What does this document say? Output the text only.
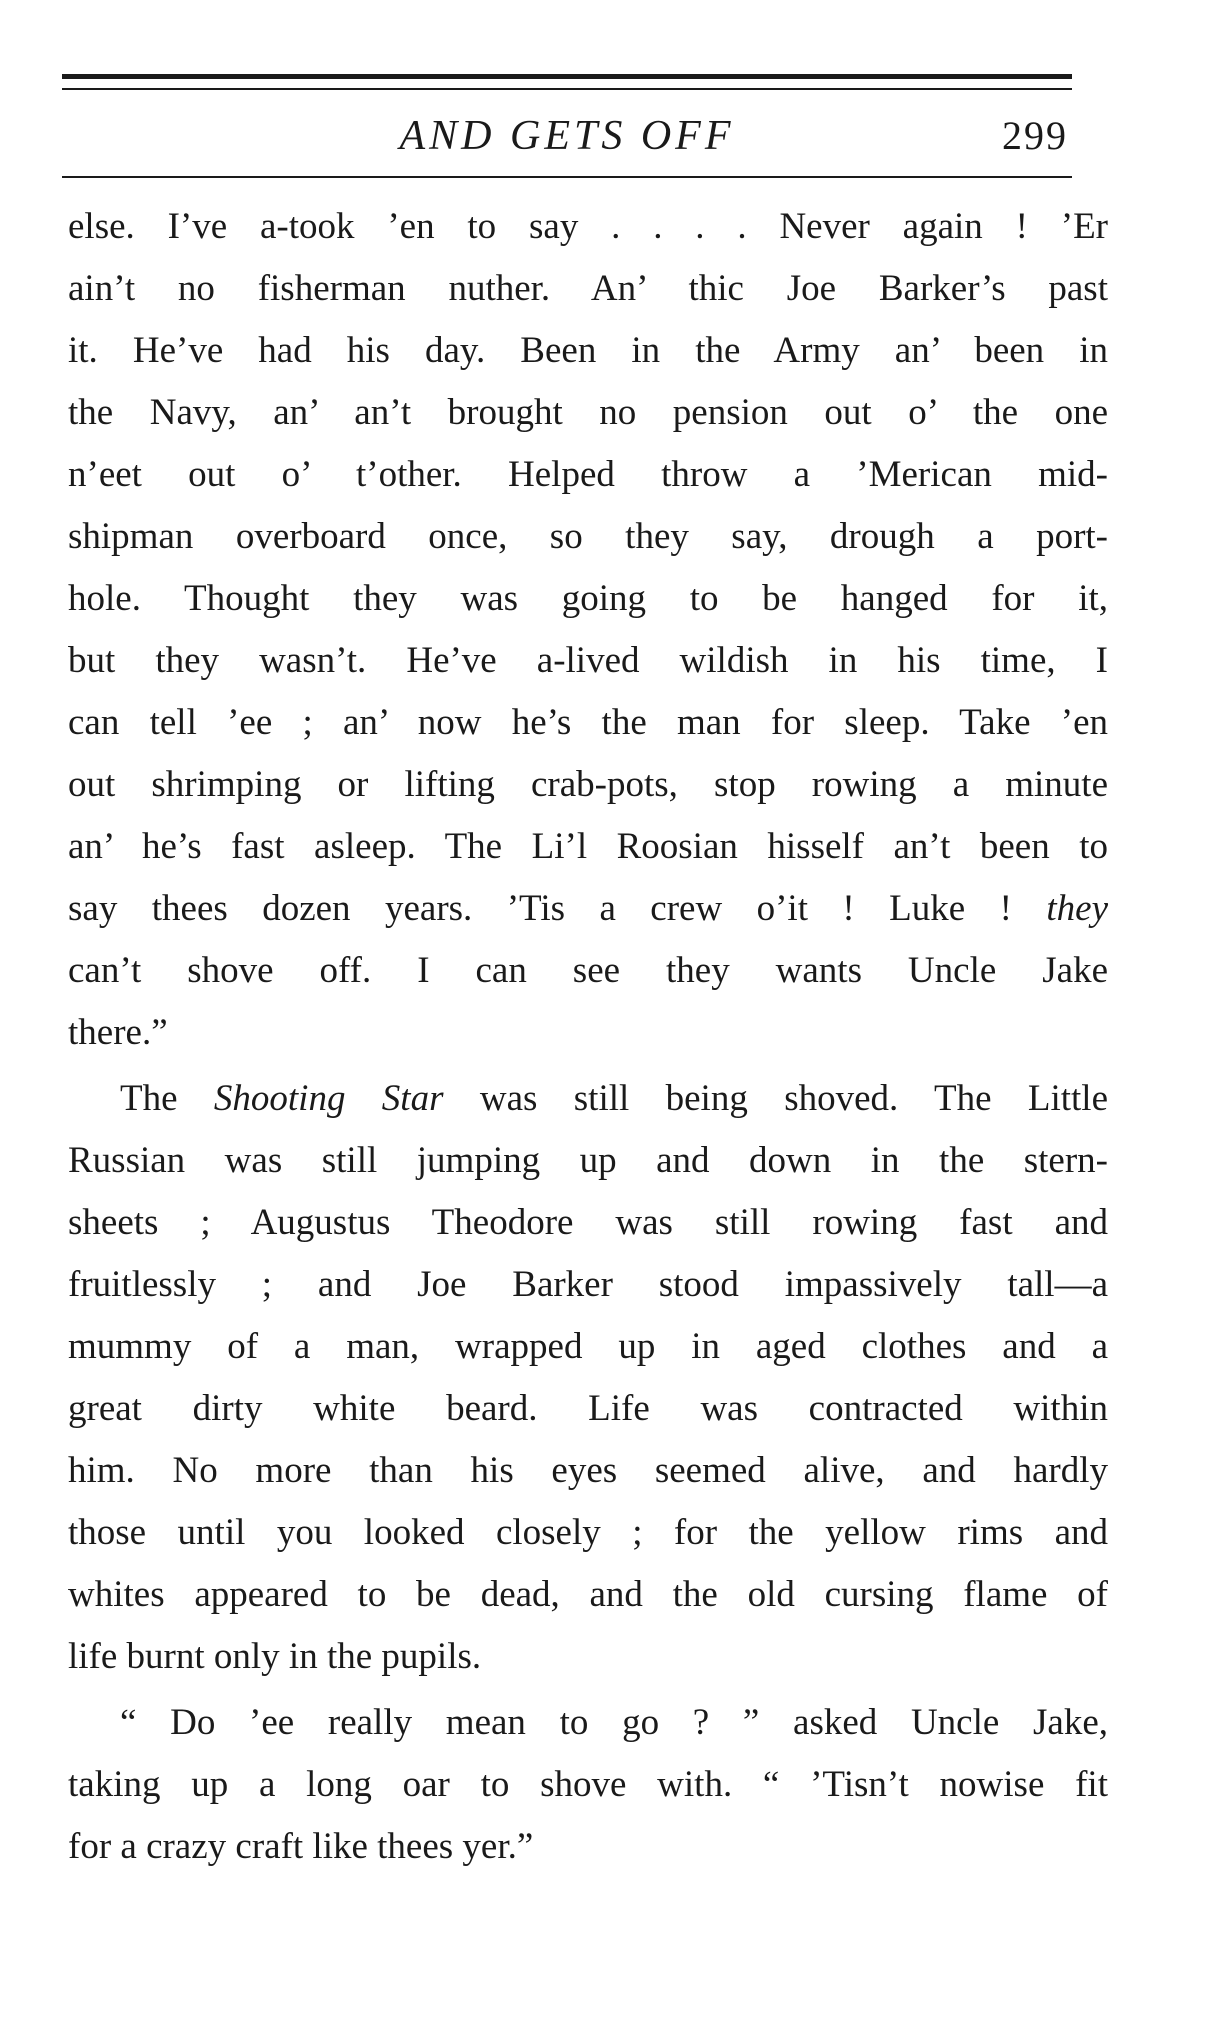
AND GETS OFF	299
else. I’ve a-took ’en to say . . . . Never again ! ’Er
ain’t no fisherman nuther. An’ thic Joe Barker’s past
it. He’ve had his day. Been in the Army an’ been in
the Navy, an’ an’t brought no pension out o’ the one
n’eet out o’ t’other. Helped throw a ’Merican mid-
shipman overboard once, so they say, drough a port-
hole. Thought they was going to be hanged for it,
but they wasn’t. He’ve a-lived wildish in his time, I
can tell ’ee ; an’ now he’s the man for sleep. Take ’en
out shrimping or lifting crab-pots, stop rowing a minute
an’ he’s fast asleep. The Li’l Roosian hisself an’t been to
say thees dozen years. ’Tis a crew o’it ! Luke ! they
can’t shove off. I can see they wants Uncle Jake
there.”
The Shooting Star was still being shoved. The Little
Russian was still jumping up and down in the stern-
sheets ; Augustus Theodore was still rowing fast and
fruitlessly ; and Joe Barker stood impassively tall—a
mummy of a man, wrapped up in aged clothes and a
great dirty white beard. Life was contracted within
him. No more than his eyes seemed alive, and hardly
those until you looked closely ; for the yellow rims and
whites appeared to be dead, and the old cursing flame of
life burnt only in the pupils.
“ Do ’ee really mean to go ? ” asked Uncle Jake,
taking up a long oar to shove with. “ ’Tisn’t nowise fit
for a crazy craft like thees yer.”
